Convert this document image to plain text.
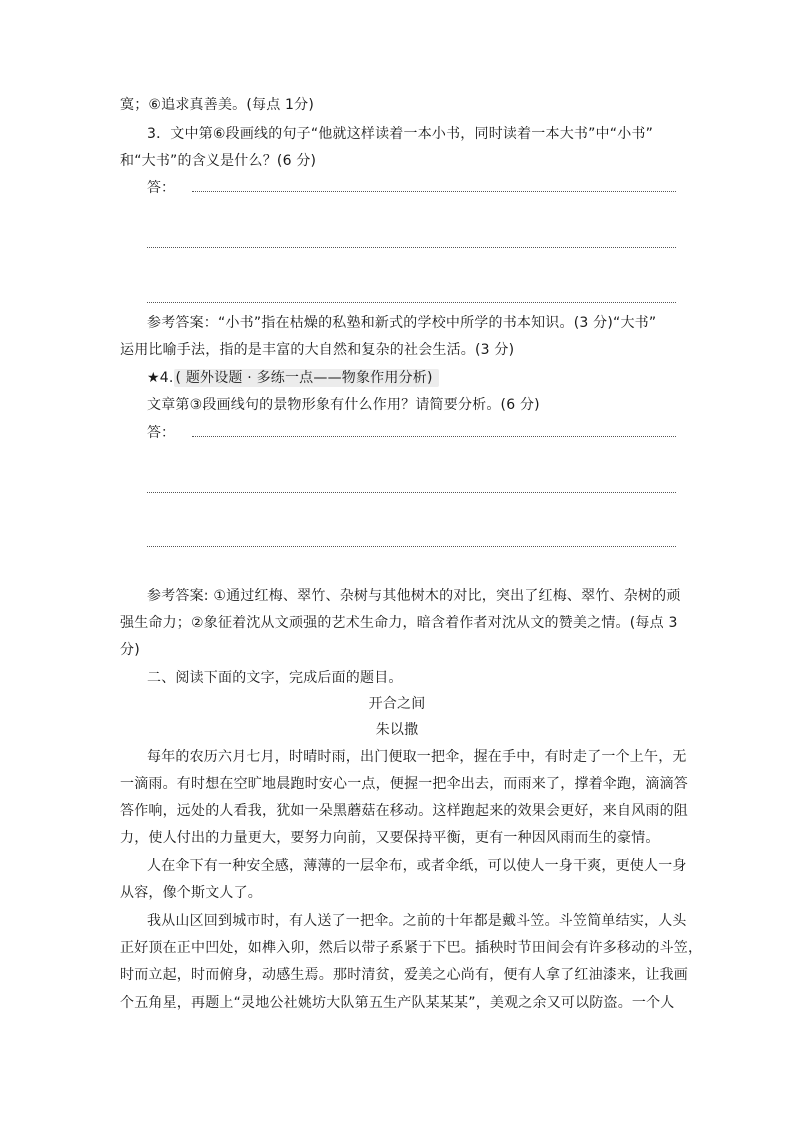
寞；⑥追求真善美。(每点 1分)
3．文中第⑥段画线的句子“他就这样读着一本小书，同时读着一本大书”中“小书”
和“大书”的含义是什么？(6 分)
答：
参考答案：“小书”指在枯燥的私塾和新式的学校中所学的书本知识。(3 分)“大书”
运用比喻手法，指的是丰富的大自然和复杂的社会生活。(3 分)
★4. ( 题外设题 · 多练一点——物象作用分析)
文章第③段画线句的景物形象有什么作用？请简要分析。(6 分)
答：
参考答案: ①通过红梅、翠竹、杂树与其他树木的对比，突出了红梅、翠竹、杂树的顽
强生命力；②象征着沈从文顽强的艺术生命力，暗含着作者对沈从文的赞美之情。(每点 3
分)
二、阅读下面的文字，完成后面的题目。
开合之间
朱以撒
每年的农历六月七月，时晴时雨，出门便取一把伞，握在手中，有时走了一个上午，无
一滴雨。有时想在空旷地晨跑时安心一点，便握一把伞出去，而雨来了，撑着伞跑，滴滴答
答作响，远处的人看我，犹如一朵黑蘑菇在移动。这样跑起来的效果会更好，来自风雨的阻
力，使人付出的力量更大，要努力向前，又要保持平衡，更有一种因风雨而生的豪情。
人在伞下有一种安全感，薄薄的一层伞布，或者伞纸，可以使人一身干爽，更使人一身
从容，像个斯文人了。
我从山区回到城市时，有人送了一把伞。之前的十年都是戴斗笠。斗笠简单结实，人头
正好顶在正中凹处，如榫入卯，然后以带子系紧于下巴。插秧时节田间会有许多移动的斗笠，
时而立起，时而俯身，动感生焉。那时清贫，爱美之心尚有，便有人拿了红油漆来，让我画
个五角星，再题上“灵地公社姚坊大队第五生产队某某某”，美观之余又可以防盗。一个人
